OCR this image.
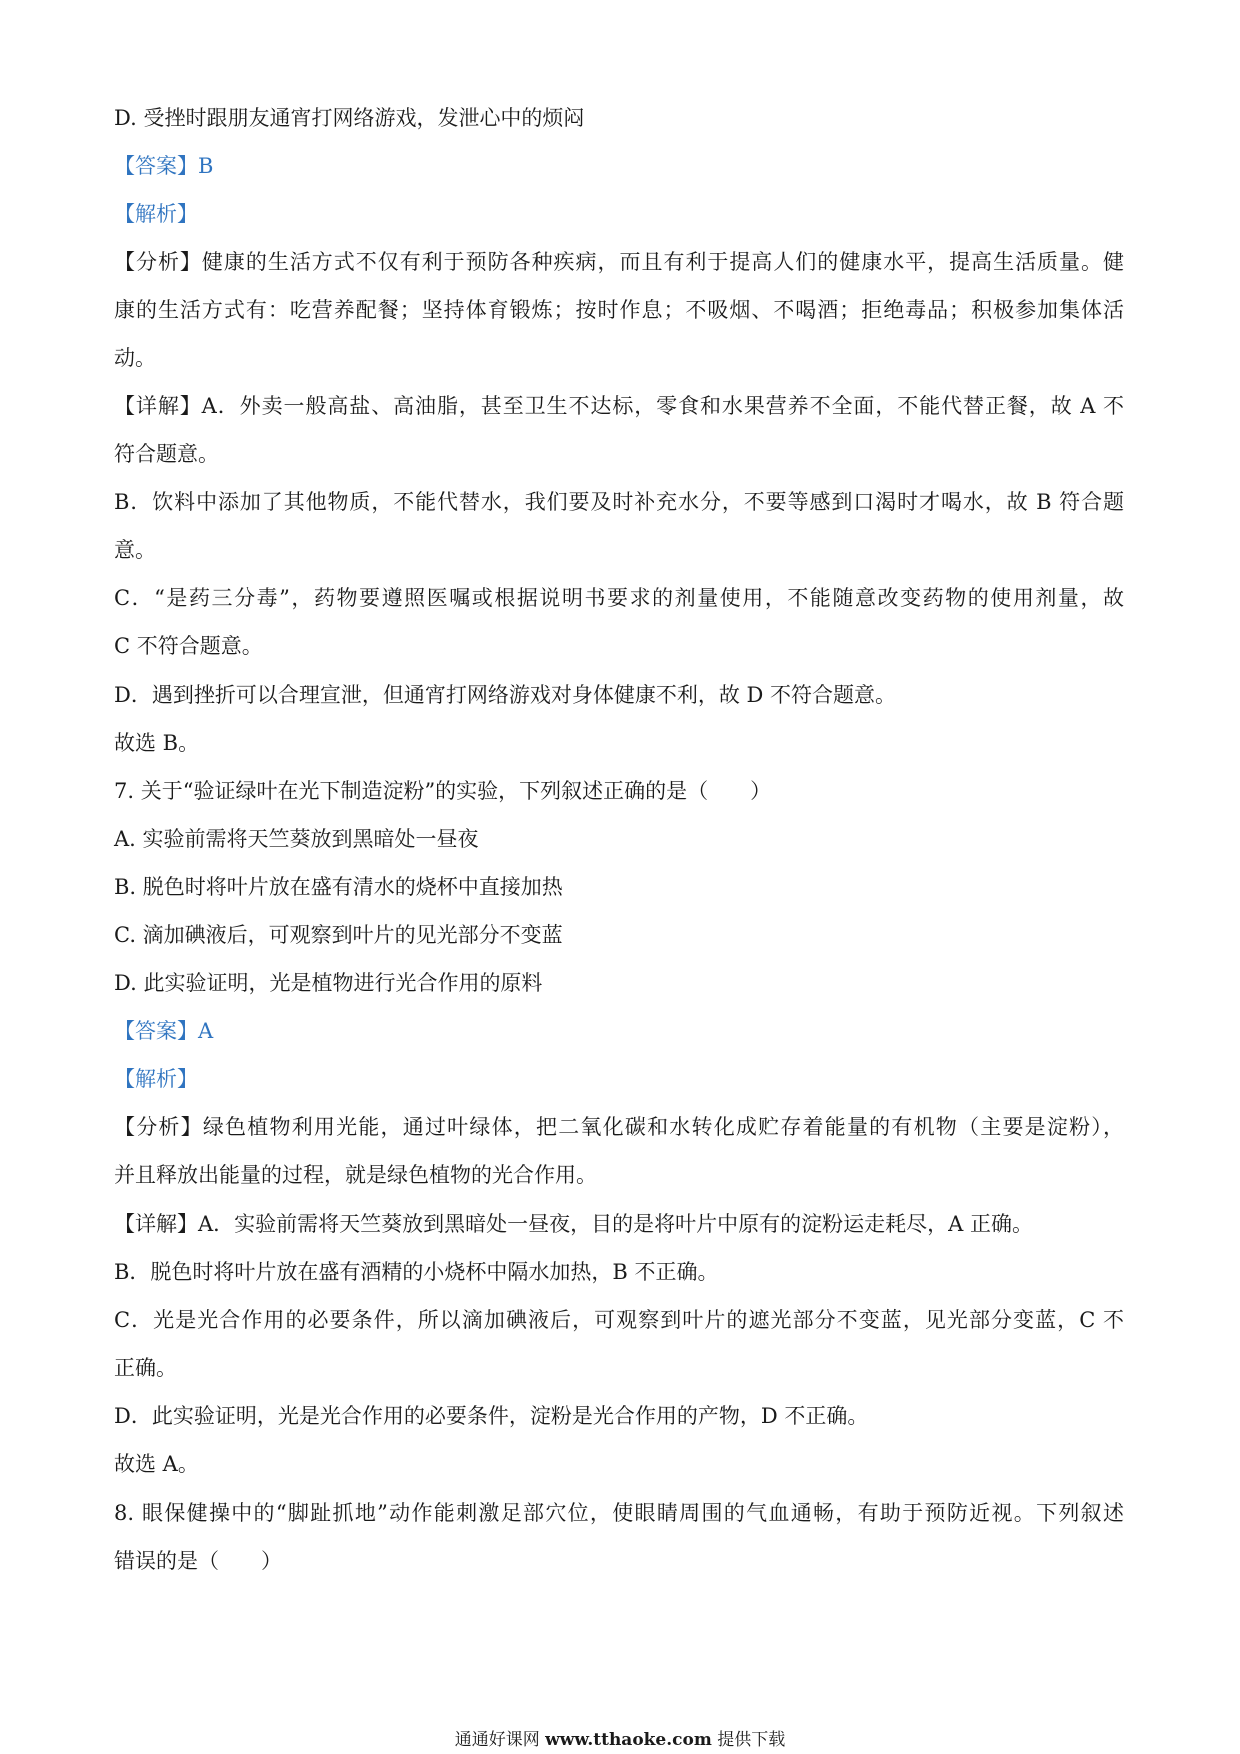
D. 受挫时跟朋友通宵打网络游戏，发泄心中的烦闷
【答案】B
【解析】
【分析】健康的生活方式不仅有利于预防各种疾病，而且有利于提高人们的健康水平，提高生活质量。健
康的生活方式有：吃营养配餐；坚持体育锻炼；按时作息；不吸烟、不喝酒；拒绝毒品；积极参加集体活
动。
【详解】A．外卖一般高盐、高油脂，甚至卫生不达标，零食和水果营养不全面，不能代替正餐，故 A 不
符合题意。
B．饮料中添加了其他物质，不能代替水，我们要及时补充水分，不要等感到口渴时才喝水，故 B 符合题
意。
C．“是药三分毒”，药物要遵照医嘱或根据说明书要求的剂量使用，不能随意改变药物的使用剂量，故
C 不符合题意。
D．遇到挫折可以合理宣泄，但通宵打网络游戏对身体健康不利，故 D 不符合题意。
故选 B。
7. 关于“验证绿叶在光下制造淀粉”的实验，下列叙述正确的是（　　）
A. 实验前需将天竺葵放到黑暗处一昼夜
B. 脱色时将叶片放在盛有清水的烧杯中直接加热
C. 滴加碘液后，可观察到叶片的见光部分不变蓝
D. 此实验证明，光是植物进行光合作用的原料
【答案】A
【解析】
【分析】绿色植物利用光能，通过叶绿体，把二氧化碳和水转化成贮存着能量的有机物（主要是淀粉），
并且释放出能量的过程，就是绿色植物的光合作用。
【详解】A．实验前需将天竺葵放到黑暗处一昼夜，目的是将叶片中原有的淀粉运走耗尽，A 正确。
B．脱色时将叶片放在盛有酒精的小烧杯中隔水加热，B 不正确。
C．光是光合作用的必要条件，所以滴加碘液后，可观察到叶片的遮光部分不变蓝，见光部分变蓝，C 不
正确。
D．此实验证明，光是光合作用的必要条件，淀粉是光合作用的产物，D 不正确。
故选 A。
8. 眼保健操中的“脚趾抓地”动作能刺激足部穴位，使眼睛周围的气血通畅，有助于预防近视。下列叙述
错误的是（　　）
通通好课网 www.tthaoke.com 提供下载
